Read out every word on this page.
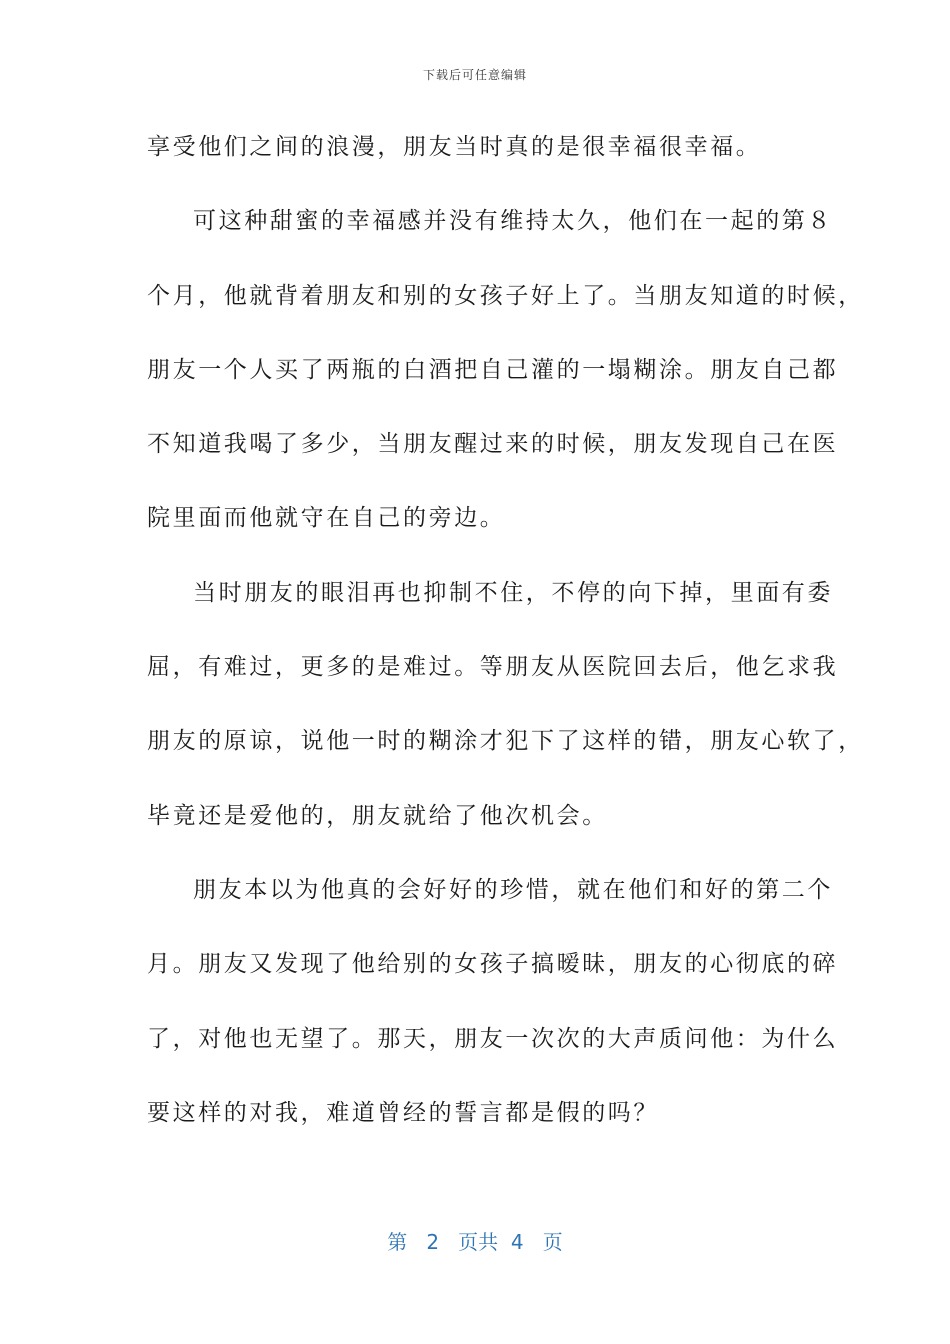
下载后可任意编辑
享受他们之间的浪漫，朋友当时真的是很幸福很幸福。
可这种甜蜜的幸福感并没有维持太久，他们在一起的第８
个月，他就背着朋友和别的女孩子好上了。当朋友知道的时候，
朋友一个人买了两瓶的白酒把自己灌的一塌糊涂。朋友自己都
不知道我喝了多少，当朋友醒过来的时候，朋友发现自己在医
院里面而他就守在自己的旁边。
当时朋友的眼泪再也抑制不住，不停的向下掉，里面有委
屈，有难过，更多的是难过。等朋友从医院回去后，他乞求我
朋友的原谅，说他一时的糊涂才犯下了这样的错，朋友心软了，
毕竟还是爱他的，朋友就给了他次机会。
朋友本以为他真的会好好的珍惜，就在他们和好的第二个
月。朋友又发现了他给别的女孩子搞暧昧，朋友的心彻底的碎
了，对他也无望了。那天，朋友一次次的大声质问他：为什么
要这样的对我，难道曾经的誓言都是假的吗？
第 2 页共 4 页
